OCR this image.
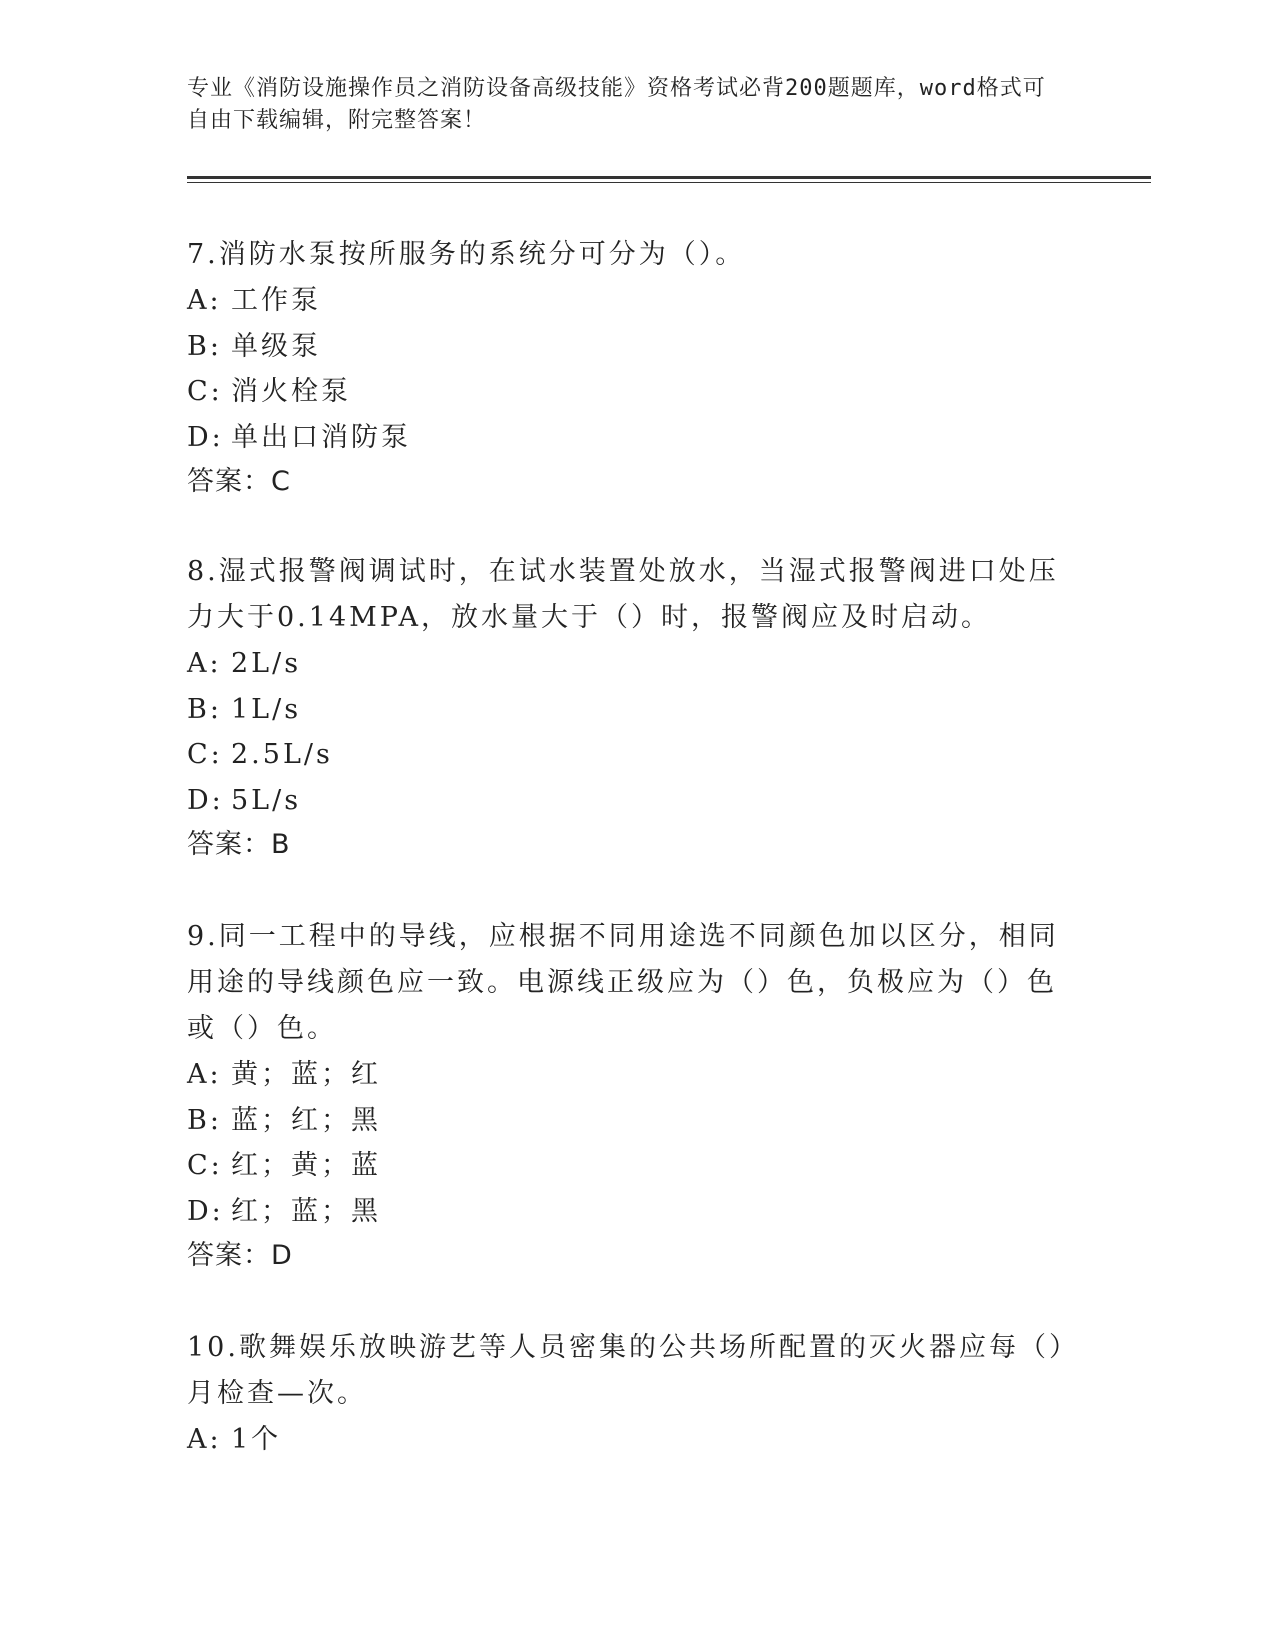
专业《消防设施操作员之消防设备高级技能》资格考试必背200题题库，word格式可自由下载编辑，附完整答案！

7.消防水泵按所服务的系统分可分为（）。

A: 工作泵

B: 单级泵

C: 消火栓泵

D: 单出口消防泵

答案：C

8.湿式报警阀调试时，在试水装置处放水，当湿式报警阀进口处压力大于0.14MPA，放水量大于（）时，报警阀应及时启动。

A: 2L/s

B: 1L/s

C: 2.5L/s

D: 5L/s

答案：B

9.同一工程中的导线，应根据不同用途选不同颜色加以区分，相同用途的导线颜色应一致。电源线正级应为（）色，负极应为（）色或（）色。

A: 黄；蓝；红

B: 蓝；红；黑

C: 红；黄；蓝

D: 红；蓝；黑

答案：D

10.歌舞娱乐放映游艺等人员密集的公共场所配置的灭火器应每（）月检查—次。

A: 1个
